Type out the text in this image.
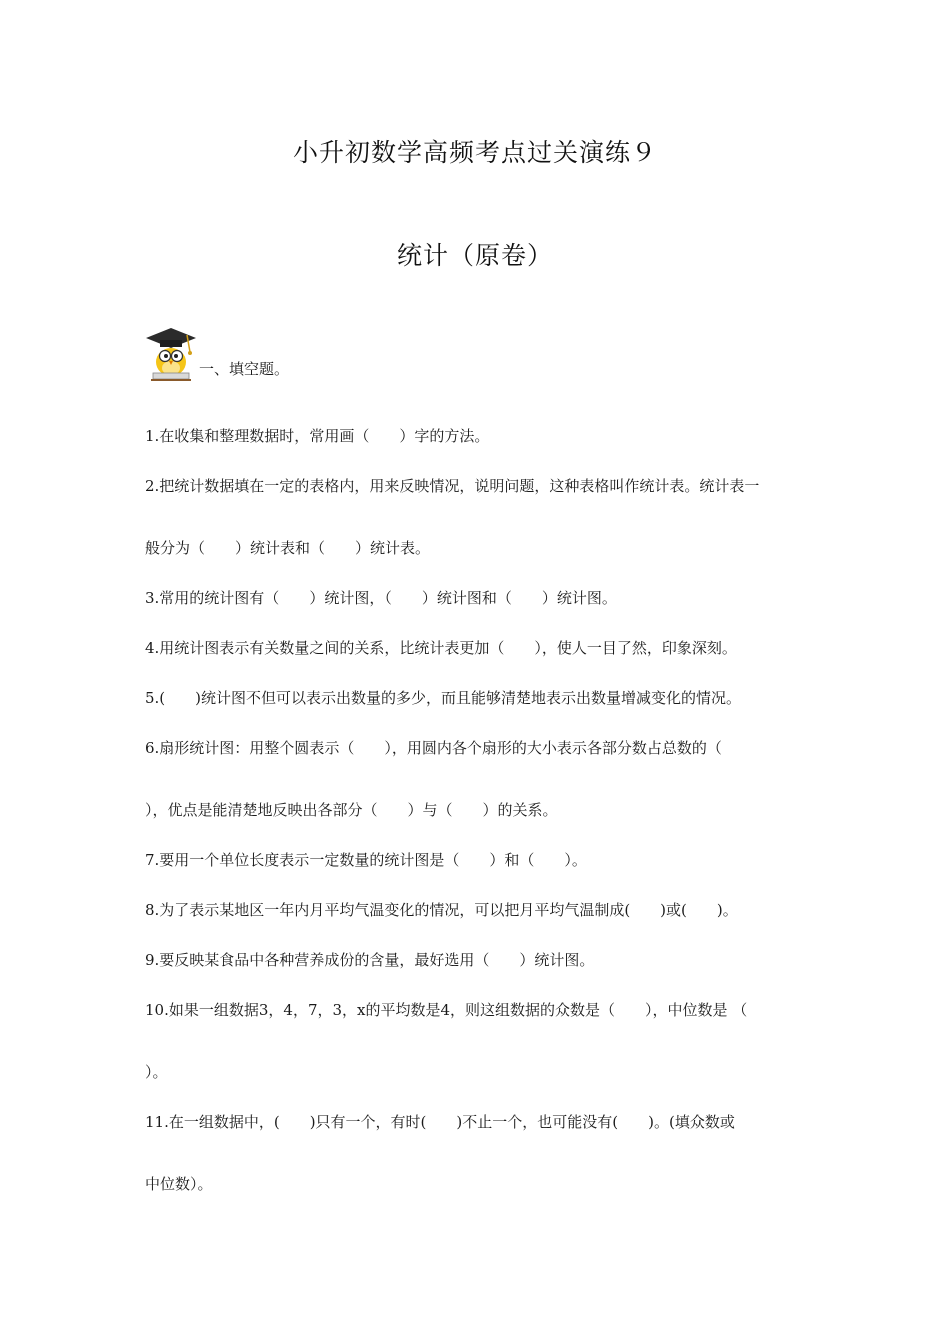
小升初数学高频考点过关演练９
统计（原卷）
一、填空题。
1.在收集和整理数据时，常用画（　　）字的方法。
2.把统计数据填在一定的表格内，用来反映情况，说明问题，这种表格叫作统计表。统计表一
般分为（　　）统计表和（　　）统计表。
3.常用的统计图有（　　）统计图，（　　）统计图和（　　）统计图。
4.用统计图表示有关数量之间的关系，比统计表更加（　　），使人一目了然，印象深刻。
5.(　　)统计图不但可以表示出数量的多少，而且能够清楚地表示出数量增减变化的情况。
6.扇形统计图：用整个圆表示（　　），用圆内各个扇形的大小表示各部分数占总数的（
），优点是能清楚地反映出各部分（　　）与（　　）的关系。
7.要用一个单位长度表示一定数量的统计图是（　　）和（　　）。
8.为了表示某地区一年内月平均气温变化的情况，可以把月平均气温制成(　　)或(　　)。
9.要反映某食品中各种营养成份的含量，最好选用（　　）统计图。
10.如果一组数据3，4，7，3，x的平均数是4，则这组数据的众数是（　　），中位数是 （
）。
11.在一组数据中，(　　)只有一个，有时(　　)不止一个，也可能没有(　　)。(填众数或
中位数）。
